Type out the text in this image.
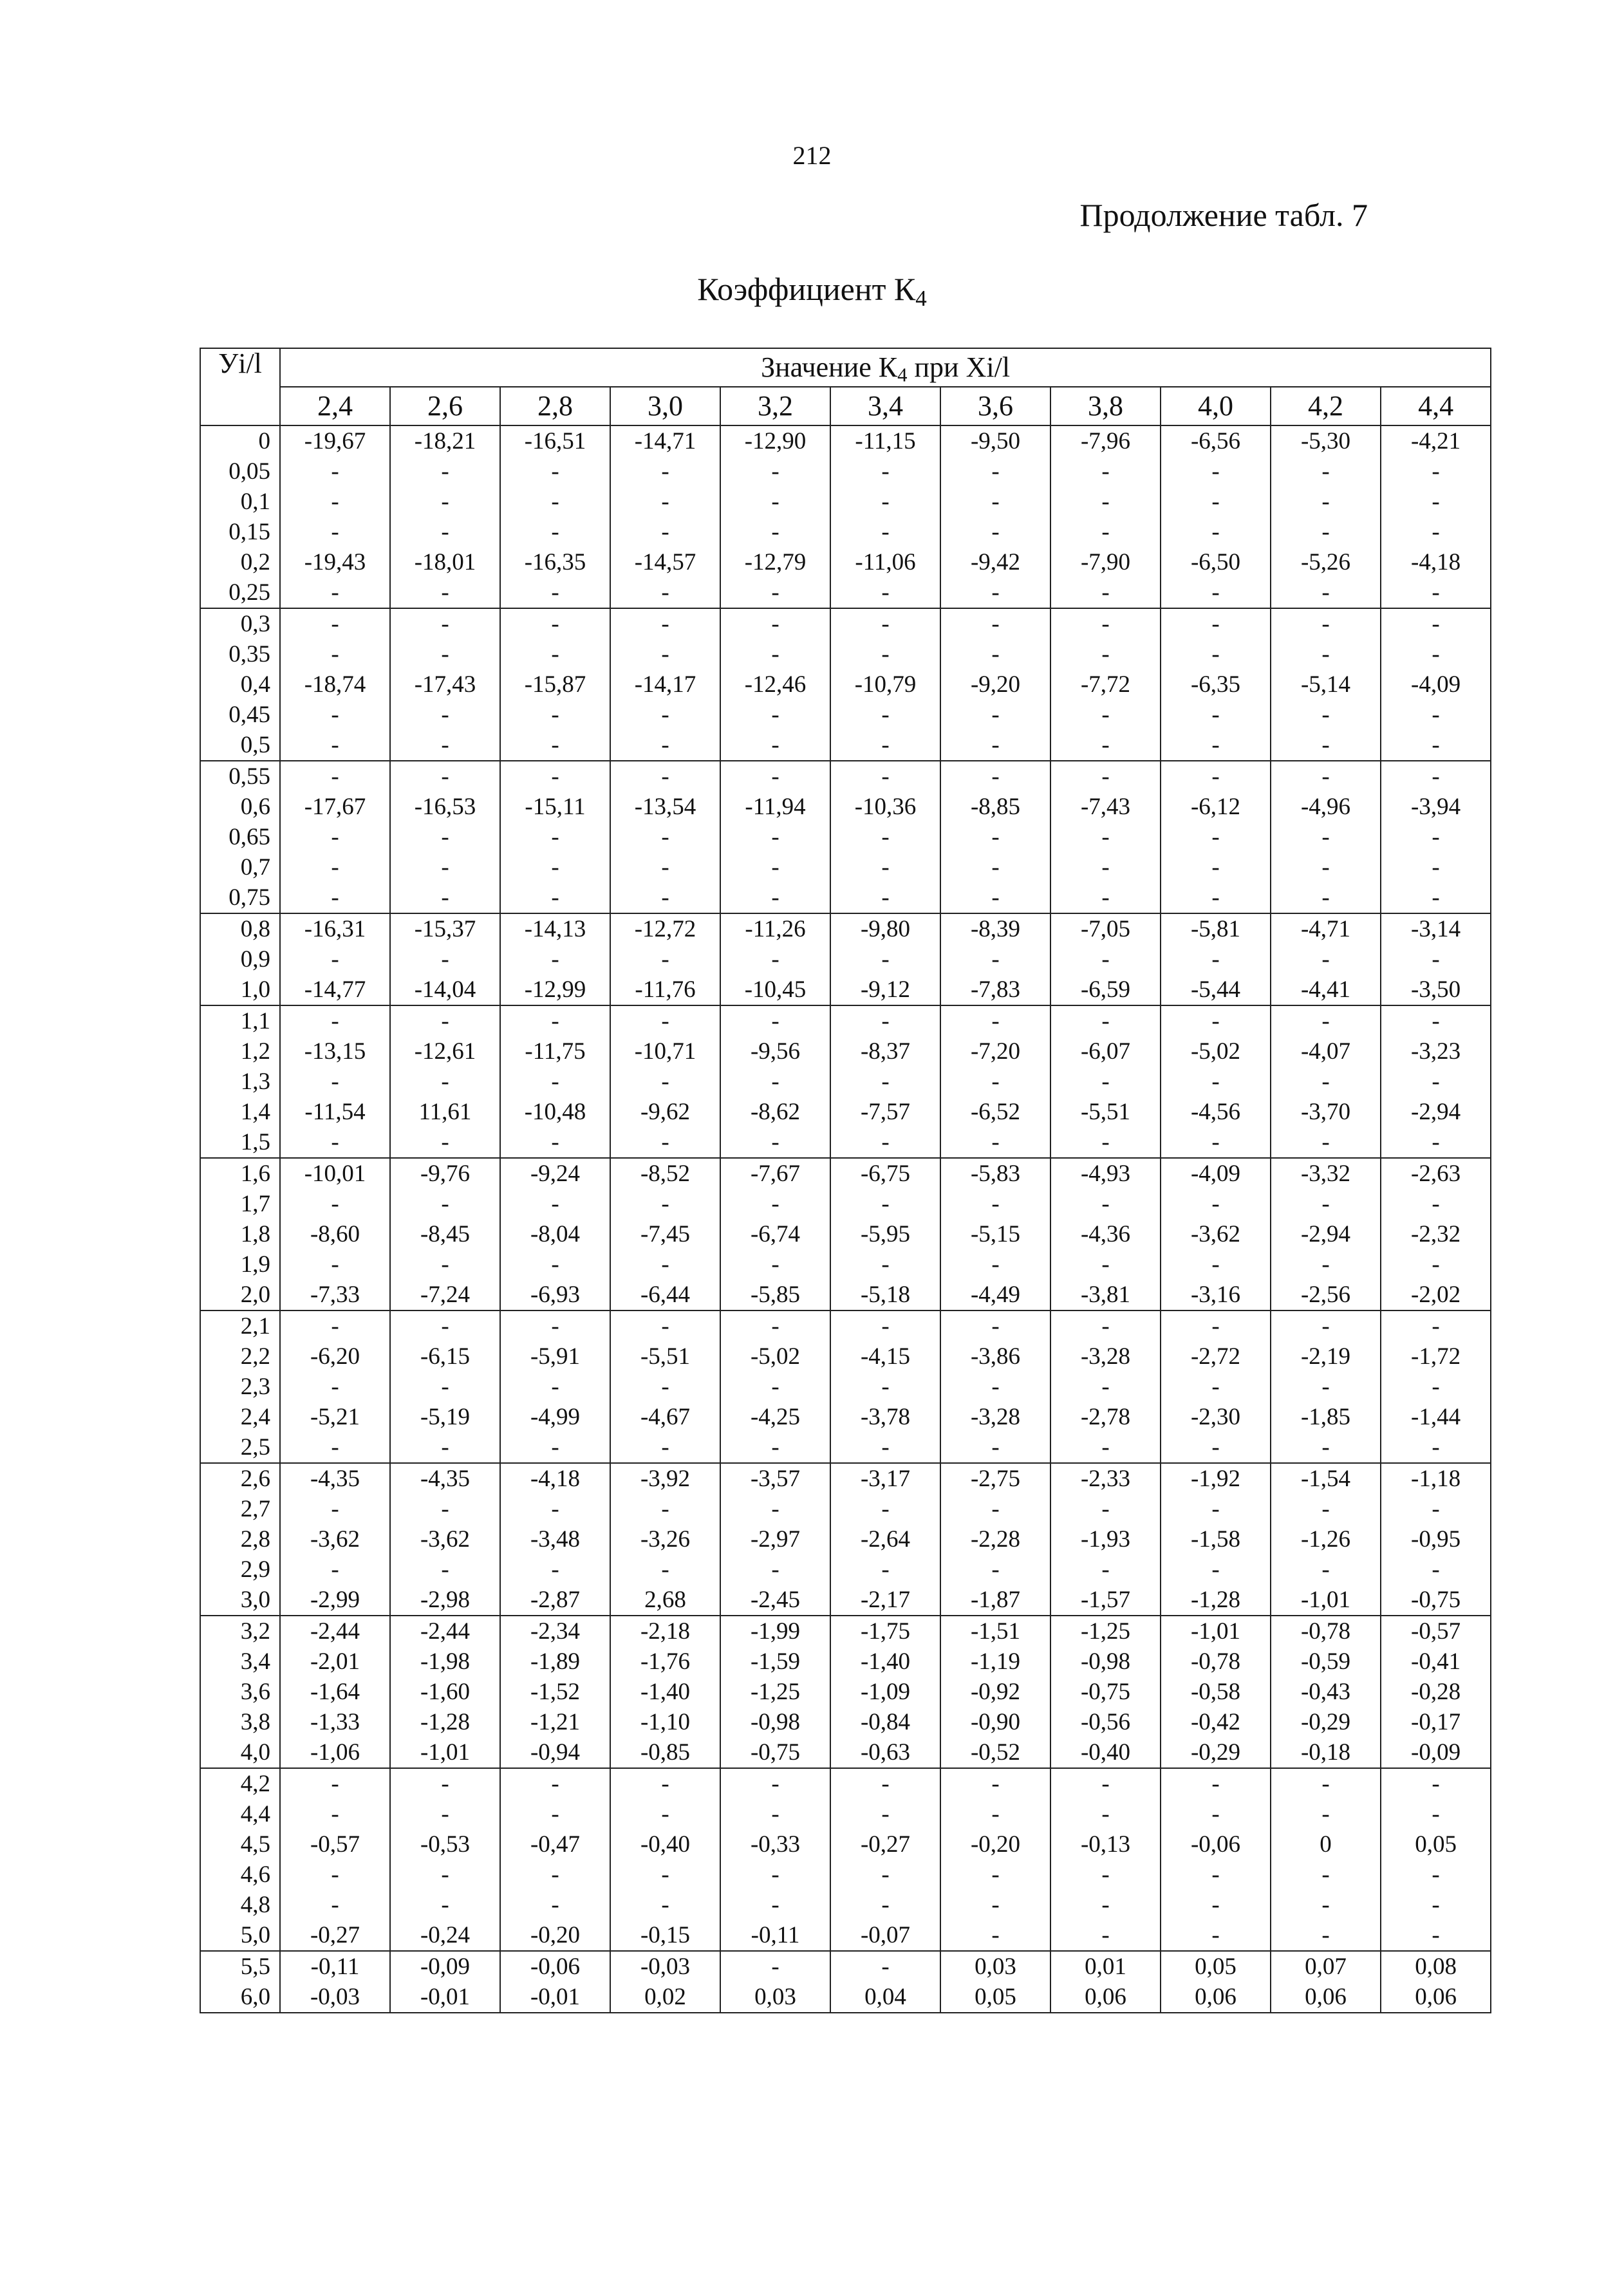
212
Продолжение табл. 7
Коэффициент $К_4$
Уi/l	Значение $К_4$ при Хi/l										
	2,4	2,6	2,8	3,0	3,2	3,4	3,6	3,8	4,0	4,2	4,4
0	-19,67	-18,21	-16,51	-14,71	-12,90	-11,15	-9,50	-7,96	-6,56	-5,30	-4,21
0,05	-	-	-	-	-	-	-	-	-	-	-
0,1	-	-	-	-	-	-	-	-	-	-	-
0,15	-	-	-	-	-	-	-	-	-	-	-
0,2	-19,43	-18,01	-16,35	-14,57	-12,79	-11,06	-9,42	-7,90	-6,50	-5,26	-4,18
0,25	-	-	-	-	-	-	-	-	-	-	-
0,3	-	-	-	-	-	-	-	-	-	-	-
0,35	-	-	-	-	-	-	-	-	-	-	-
0,4	-18,74	-17,43	-15,87	-14,17	-12,46	-10,79	-9,20	-7,72	-6,35	-5,14	-4,09
0,45	-	-	-	-	-	-	-	-	-	-	-
0,5	-	-	-	-	-	-	-	-	-	-	-
0,55	-	-	-	-	-	-	-	-	-	-	-
0,6	-17,67	-16,53	-15,11	-13,54	-11,94	-10,36	-8,85	-7,43	-6,12	-4,96	-3,94
0,65	-	-	-	-	-	-	-	-	-	-	-
0,7	-	-	-	-	-	-	-	-	-	-	-
0,75	-	-	-	-	-	-	-	-	-	-	-
0,8	-16,31	-15,37	-14,13	-12,72	-11,26	-9,80	-8,39	-7,05	-5,81	-4,71	-3,14
0,9	-	-	-	-	-	-	-	-	-	-	-
1,0	-14,77	-14,04	-12,99	-11,76	-10,45	-9,12	-7,83	-6,59	-5,44	-4,41	-3,50
1,1	-	-	-	-	-	-	-	-	-	-	-
1,2	-13,15	-12,61	-11,75	-10,71	-9,56	-8,37	-7,20	-6,07	-5,02	-4,07	-3,23
1,3	-	-	-	-	-	-	-	-	-	-	-
1,4	-11,54	11,61	-10,48	-9,62	-8,62	-7,57	-6,52	-5,51	-4,56	-3,70	-2,94
1,5	-	-	-	-	-	-	-	-	-	-	-
1,6	-10,01	-9,76	-9,24	-8,52	-7,67	-6,75	-5,83	-4,93	-4,09	-3,32	-2,63
1,7	-	-	-	-	-	-	-	-	-	-	-
1,8	-8,60	-8,45	-8,04	-7,45	-6,74	-5,95	-5,15	-4,36	-3,62	-2,94	-2,32
1,9	-	-	-	-	-	-	-	-	-	-	-
2,0	-7,33	-7,24	-6,93	-6,44	-5,85	-5,18	-4,49	-3,81	-3,16	-2,56	-2,02
2,1	-	-	-	-	-	-	-	-	-	-	-
2,2	-6,20	-6,15	-5,91	-5,51	-5,02	-4,15	-3,86	-3,28	-2,72	-2,19	-1,72
2,3	-	-	-	-	-	-	-	-	-	-	-
2,4	-5,21	-5,19	-4,99	-4,67	-4,25	-3,78	-3,28	-2,78	-2,30	-1,85	-1,44
2,5	-	-	-	-	-	-	-	-	-	-	-
2,6	-4,35	-4,35	-4,18	-3,92	-3,57	-3,17	-2,75	-2,33	-1,92	-1,54	-1,18
2,7	-	-	-	-	-	-	-	-	-	-	-
2,8	-3,62	-3,62	-3,48	-3,26	-2,97	-2,64	-2,28	-1,93	-1,58	-1,26	-0,95
2,9	-	-	-	-	-	-	-	-	-	-	-
3,0	-2,99	-2,98	-2,87	2,68	-2,45	-2,17	-1,87	-1,57	-1,28	-1,01	-0,75
3,2	-2,44	-2,44	-2,34	-2,18	-1,99	-1,75	-1,51	-1,25	-1,01	-0,78	-0,57
3,4	-2,01	-1,98	-1,89	-1,76	-1,59	-1,40	-1,19	-0,98	-0,78	-0,59	-0,41
3,6	-1,64	-1,60	-1,52	-1,40	-1,25	-1,09	-0,92	-0,75	-0,58	-0,43	-0,28
3,8	-1,33	-1,28	-1,21	-1,10	-0,98	-0,84	-0,90	-0,56	-0,42	-0,29	-0,17
4,0	-1,06	-1,01	-0,94	-0,85	-0,75	-0,63	-0,52	-0,40	-0,29	-0,18	-0,09
4,2	-	-	-	-	-	-	-	-	-	-	-
4,4	-	-	-	-	-	-	-	-	-	-	-
4,5	-0,57	-0,53	-0,47	-0,40	-0,33	-0,27	-0,20	-0,13	-0,06	0	0,05
4,6	-	-	-	-	-	-	-	-	-	-	-
4,8	-	-	-	-	-	-	-	-	-	-	-
5,0	-0,27	-0,24	-0,20	-0,15	-0,11	-0,07	-	-	-	-	-
5,5	-0,11	-0,09	-0,06	-0,03	-	-	0,03	0,01	0,05	0,07	0,08
6,0	-0,03	-0,01	-0,01	0,02	0,03	0,04	0,05	0,06	0,06	0,06	0,06
